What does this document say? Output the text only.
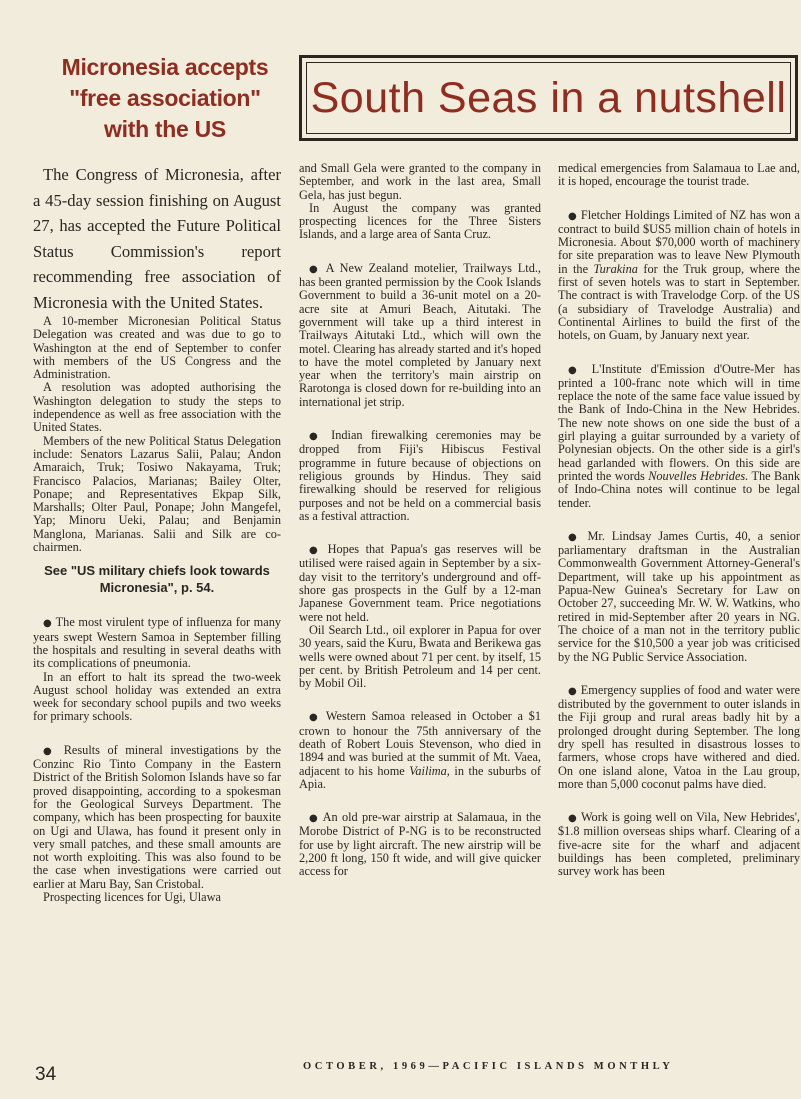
Micronesia accepts
"free association"
with the US
South Seas in a nutshell

The Congress of Micronesia, after a 45-day session finishing on August 27, has accepted the Future Political Status Commission's report recommending free association of Micronesia with the United States.

A 10-member Micronesian Political Status Delegation was created and was due to go to Washington at the end of September to confer with members of the US Congress and the Administration.

A resolution was adopted authorising the Washington delegation to study the steps to independence as well as free association with the United States.

Members of the new Political Status Delegation include: Senators Lazarus Salii, Palau; Andon Amaraich, Truk; Tosiwo Nakayama, Truk; Francisco Palacios, Marianas; Bailey Olter, Ponape; and Representatives Ekpap Silk, Marshalls; Olter Paul, Ponape; John Mangefel, Yap; Minoru Ueki, Palau; and Benjamin Manglona, Marianas. Salii and Silk are co-chairmen.

See "US military chiefs look towards Micronesia", p. 54.

● The most virulent type of influenza for many years swept Western Samoa in September filling the hospitals and resulting in several deaths with its complications of pneumonia.

In an effort to halt its spread the two-week August school holiday was extended an extra week for secondary school pupils and two weeks for primary schools.

● Results of mineral investigations by the Conzinc Rio Tinto Company in the Eastern District of the British Solomon Islands have so far proved disappointing, according to a spokesman for the Geological Surveys Department. The company, which has been prospecting for bauxite on Ugi and Ulawa, has found it present only in very small patches, and these small amounts are not worth exploiting. This was also found to be the case when investigations were carried out earlier at Maru Bay, San Cristobal.

Prospecting licences for Ugi, Ulawa

and Small Gela were granted to the company in September, and work in the last area, Small Gela, has just begun.

In August the company was granted prospecting licences for the Three Sisters Islands, and a large area of Santa Cruz.

● A New Zealand motelier, Trailways Ltd., has been granted permission by the Cook Islands Government to build a 36-unit motel on a 20-acre site at Amuri Beach, Aitutaki. The government will take up a third interest in Trailways Aitutaki Ltd., which will own the motel. Clearing has already started and it's hoped to have the motel completed by January next year when the territory's main airstrip on Rarotonga is closed down for re-building into an international jet strip.

● Indian firewalking ceremonies may be dropped from Fiji's Hibiscus Festival programme in future because of objections on religious grounds by Hindus. They said firewalking should be reserved for religious purposes and not be held on a commercial basis as a festival attraction.

● Hopes that Papua's gas reserves will be utilised were raised again in September by a six-day visit to the territory's underground and off-shore gas prospects in the Gulf by a 12-man Japanese Government team. Price negotiations were not held.

Oil Search Ltd., oil explorer in Papua for over 30 years, said the Kuru, Bwata and Berikewa gas wells were owned about 71 per cent. by itself, 15 per cent. by British Petroleum and 14 per cent. by Mobil Oil.

● Western Samoa released in October a $1 crown to honour the 75th anniversary of the death of Robert Louis Stevenson, who died in 1894 and was buried at the summit of Mt. Vaea, adjacent to his home Vailima, in the suburbs of Apia.

● An old pre-war airstrip at Salamaua, in the Morobe District of P-NG is to be reconstructed for use by light aircraft. The new airstrip will be 2,200 ft long, 150 ft wide, and will give quicker access for

medical emergencies from Salamaua to Lae and, it is hoped, encourage the tourist trade.

● Fletcher Holdings Limited of NZ has won a contract to build $US5 million chain of hotels in Micronesia. About $70,000 worth of machinery for site preparation was to leave New Plymouth in the Turakina for the Truk group, where the first of seven hotels was to start in September. The contract is with Travelodge Corp. of the US (a subsidiary of Travelodge Australia) and Continental Airlines to build the first of the hotels, on Guam, by January next year.

● L'Institute d'Emission d'Outre-Mer has printed a 100-franc note which will in time replace the note of the same face value issued by the Bank of Indo-China in the New Hebrides. The new note shows on one side the bust of a girl playing a guitar surrounded by a variety of Polynesian objects. On the other side is a girl's head garlanded with flowers. On this side are printed the words Nouvelles Hebrides. The Bank of Indo-China notes will continue to be legal tender.

● Mr. Lindsay James Curtis, 40, a senior parliamentary draftsman in the Australian Commonwealth Government Attorney-General's Department, will take up his appointment as Papua-New Guinea's Secretary for Law on October 27, succeeding Mr. W. W. Watkins, who retired in mid-September after 20 years in NG. The choice of a man not in the territory public service for the $10,500 a year job was criticised by the NG Public Service Association.

● Emergency supplies of food and water were distributed by the government to outer islands in the Fiji group and rural areas badly hit by a prolonged drought during September. The long dry spell has resulted in disastrous losses to farmers, whose crops have withered and died. On one island alone, Vatoa in the Lau group, more than 5,000 coconut palms have died.

● Work is going well on Vila, New Hebrides', $1.8 million overseas ships wharf. Clearing of a five-acre site for the wharf and adjacent buildings has been completed, preliminary survey work has been

34	OCTOBER, 1969—PACIFIC ISLANDS MONTHLY
